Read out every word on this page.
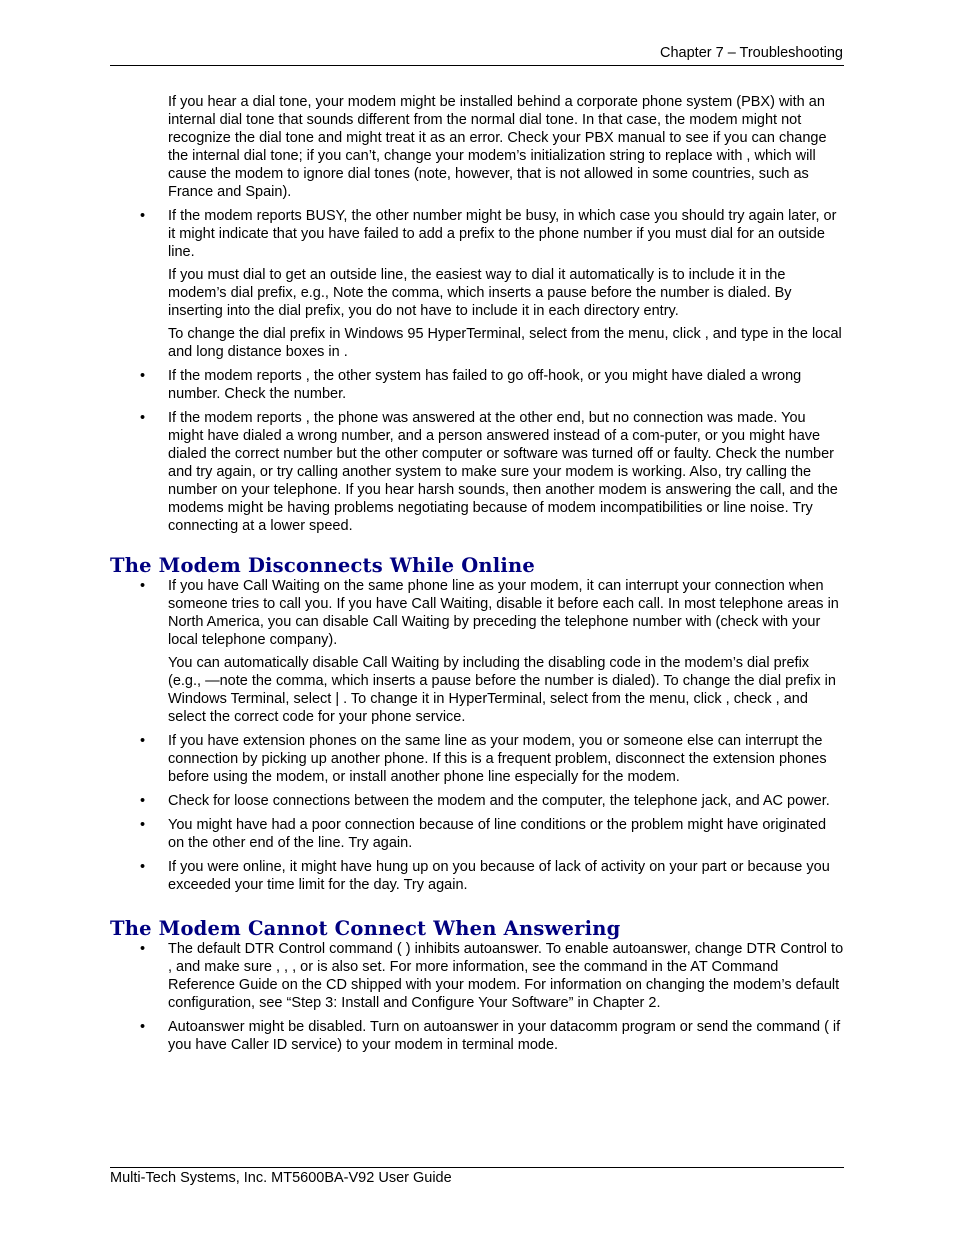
Chapter 7 – Troubleshooting

If you hear a dial tone, your modem might be installed behind a corporate phone system (PBX) with an internal dial tone that sounds different from the normal dial tone. In that case, the modem might not recognize the dial tone and might treat it as an error. Check your PBX manual to see if you can change the internal dial tone; if you can’t, change your modem’s initialization string to replace with , which will cause the modem to ignore dial tones (note, however, that is not allowed in some countries, such as France and Spain).

• If the modem reports BUSY, the other number might be busy, in which case you should try again later, or it might indicate that you have failed to add a prefix to the phone number if you must dial for an outside line.

If you must dial to get an outside line, the easiest way to dial it automatically is to include it in the modem’s dial prefix, e.g., Note the comma, which inserts a pause before the number is dialed. By inserting into the dial prefix, you do not have to include it in each directory entry.

To change the dial prefix in Windows 95 HyperTerminal, select from the menu, click , and type in the local and long distance boxes in .

• If the modem reports , the other system has failed to go off-hook, or you might have dialed a wrong number. Check the number.

• If the modem reports , the phone was answered at the other end, but no connection was made. You might have dialed a wrong number, and a person answered instead of a com-puter, or you might have dialed the correct number but the other computer or software was turned off or faulty. Check the number and try again, or try calling another system to make sure your modem is working. Also, try calling the number on your telephone. If you hear harsh sounds, then another modem is answering the call, and the modems might be having problems negotiating because of modem incompatibilities or line noise. Try connecting at a lower speed.

The Modem Disconnects While Online
• If you have Call Waiting on the same phone line as your modem, it can interrupt your connection when someone tries to call you. If you have Call Waiting, disable it before each call. In most telephone areas in North America, you can disable Call Waiting by preceding the telephone number with (check with your local telephone company).

You can automatically disable Call Waiting by including the disabling code in the modem’s dial prefix (e.g., —note the comma, which inserts a pause before the number is dialed). To change the dial prefix in Windows Terminal, select | . To change it in HyperTerminal, select from the menu, click , check , and select the correct code for your phone service.

• If you have extension phones on the same line as your modem, you or someone else can interrupt the connection by picking up another phone. If this is a frequent problem, disconnect the extension phones before using the modem, or install another phone line especially for the modem.

• Check for loose connections between the modem and the computer, the telephone jack, and AC power.

• You might have had a poor connection because of line conditions or the problem might have originated on the other end of the line. Try again.

• If you were online, it might have hung up on you because of lack of activity on your part or because you exceeded your time limit for the day. Try again.

The Modem Cannot Connect When Answering
• The default DTR Control command ( ) inhibits autoanswer. To enable autoanswer, change DTR Control to , and make sure , , , or is also set. For more information, see the command in the AT Command Reference Guide on the CD shipped with your modem. For information on changing the modem’s default configuration, see “Step 3: Install and Configure Your Software” in Chapter 2.

• Autoanswer might be disabled. Turn on autoanswer in your datacomm program or send the command ( if you have Caller ID service) to your modem in terminal mode.

Multi-Tech Systems, Inc. MT5600BA-V92 User Guide
